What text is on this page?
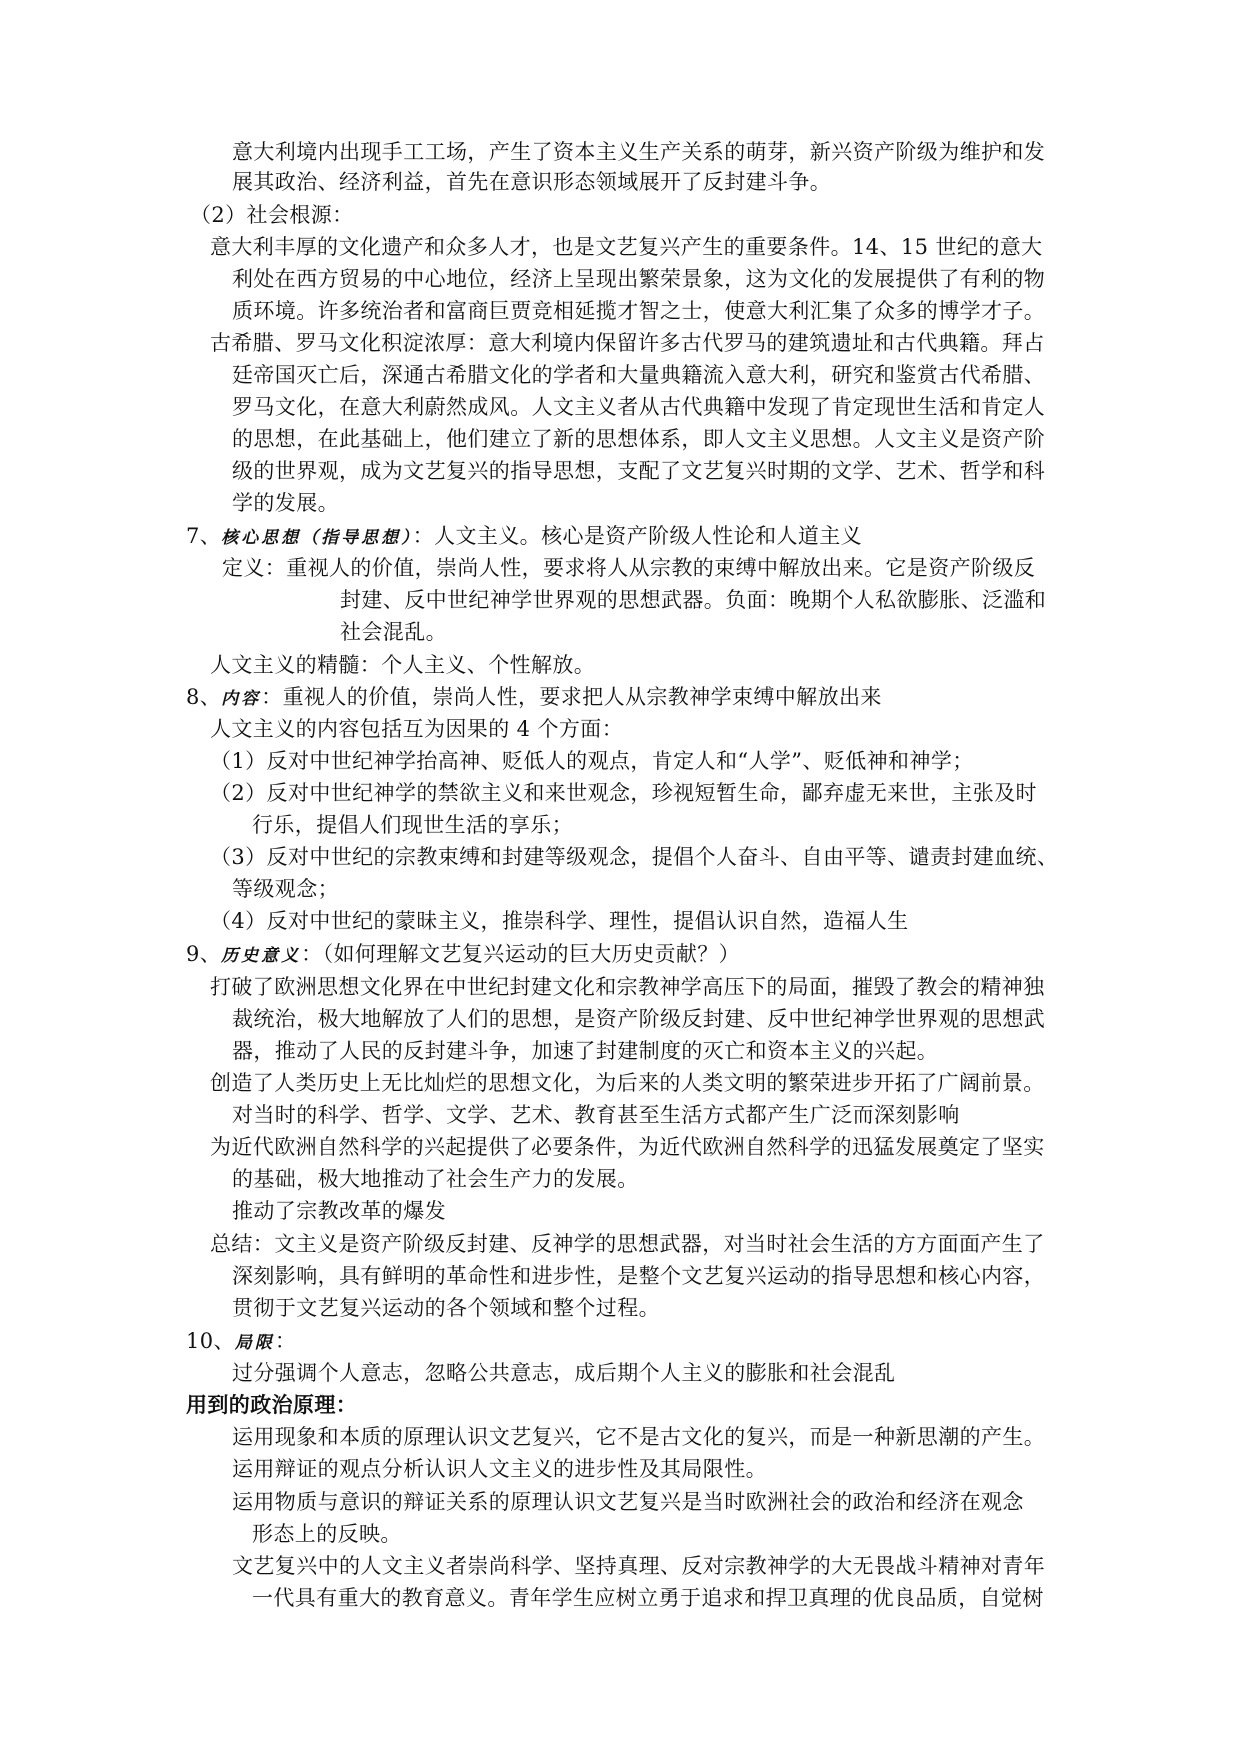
意大利境内出现手工工场，产生了资本主义生产关系的萌芽，新兴资产阶级为维护和发
展其政治、经济利益，首先在意识形态领域展开了反封建斗争。
（2）社会根源：
意大利丰厚的文化遗产和众多人才，也是文艺复兴产生的重要条件。14、15 世纪的意大
利处在西方贸易的中心地位，经济上呈现出繁荣景象，这为文化的发展提供了有利的物
质环境。许多统治者和富商巨贾竞相延揽才智之士，使意大利汇集了众多的博学才子。
古希腊、罗马文化积淀浓厚：意大利境内保留许多古代罗马的建筑遗址和古代典籍。拜占
廷帝国灭亡后，深通古希腊文化的学者和大量典籍流入意大利，研究和鉴赏古代希腊、
罗马文化，在意大利蔚然成风。人文主义者从古代典籍中发现了肯定现世生活和肯定人
的思想，在此基础上，他们建立了新的思想体系，即人文主义思想。人文主义是资产阶
级的世界观，成为文艺复兴的指导思想，支配了文艺复兴时期的文学、艺术、哲学和科
学的发展。
7、核心思想（指导思想）：人文主义。核心是资产阶级人性论和人道主义
定义：重视人的价值，崇尚人性，要求将人从宗教的束缚中解放出来。它是资产阶级反
封建、反中世纪神学世界观的思想武器。负面：晚期个人私欲膨胀、泛滥和
社会混乱。
人文主义的精髓：个人主义、个性解放。
8、内容：重视人的价值，崇尚人性，要求把人从宗教神学束缚中解放出来
人文主义的内容包括互为因果的 4 个方面：
（1）反对中世纪神学抬高神、贬低人的观点，肯定人和“人学”、贬低神和神学；
（2）反对中世纪神学的禁欲主义和来世观念，珍视短暂生命，鄙弃虚无来世，主张及时
行乐，提倡人们现世生活的享乐；
（3）反对中世纪的宗教束缚和封建等级观念，提倡个人奋斗、自由平等、谴责封建血统、
等级观念；
（4）反对中世纪的蒙昧主义，推崇科学、理性，提倡认识自然，造福人生
9、历史意义：（如何理解文艺复兴运动的巨大历史贡献？）
打破了欧洲思想文化界在中世纪封建文化和宗教神学高压下的局面，摧毁了教会的精神独
裁统治，极大地解放了人们的思想，是资产阶级反封建、反中世纪神学世界观的思想武
器，推动了人民的反封建斗争，加速了封建制度的灭亡和资本主义的兴起。
创造了人类历史上无比灿烂的思想文化，为后来的人类文明的繁荣进步开拓了广阔前景。
对当时的科学、哲学、文学、艺术、教育甚至生活方式都产生广泛而深刻影响
为近代欧洲自然科学的兴起提供了必要条件，为近代欧洲自然科学的迅猛发展奠定了坚实
的基础，极大地推动了社会生产力的发展。
推动了宗教改革的爆发
总结：文主义是资产阶级反封建、反神学的思想武器，对当时社会生活的方方面面产生了
深刻影响，具有鲜明的革命性和进步性，是整个文艺复兴运动的指导思想和核心内容，
贯彻于文艺复兴运动的各个领域和整个过程。
10、局限：
过分强调个人意志，忽略公共意志，成后期个人主义的膨胀和社会混乱
用到的政治原理：
运用现象和本质的原理认识文艺复兴，它不是古文化的复兴，而是一种新思潮的产生。
运用辩证的观点分析认识人文主义的进步性及其局限性。
运用物质与意识的辩证关系的原理认识文艺复兴是当时欧洲社会的政治和经济在观念
形态上的反映。
文艺复兴中的人文主义者崇尚科学、坚持真理、反对宗教神学的大无畏战斗精神对青年
一代具有重大的教育意义。青年学生应树立勇于追求和捍卫真理的优良品质，自觉树
